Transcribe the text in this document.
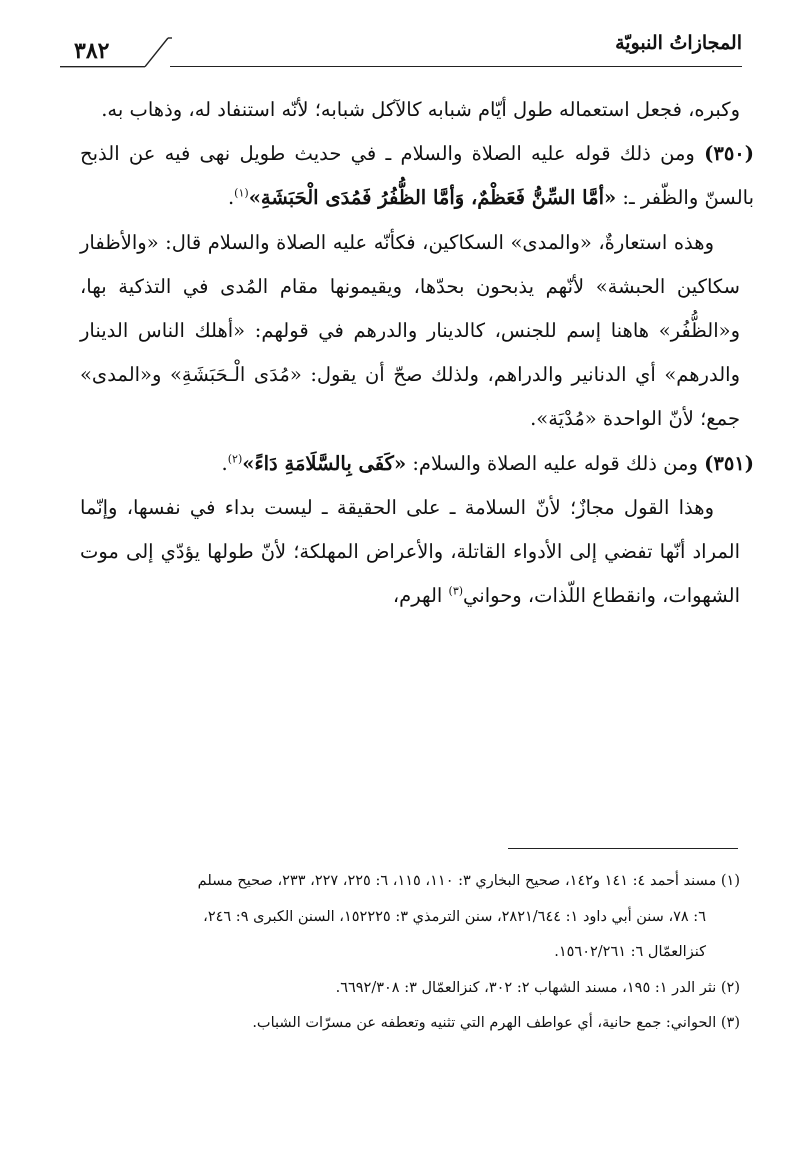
المجازاتُ النبويّة
٣٨٢

وكبره، فجعل استعماله طول أيّام شبابه كالآكل شبابه؛ لأنّه استنفاد له، وذهاب به.

(٣٥٠) ومن ذلك قوله عليه الصلاة والسلام ـ في حديث طويل نهى فيه عن الذبح بالسنّ والظّفر ـ: «أمَّا السِّنُّ فَعَظْمٌ، وَأمَّا الظُّفُرُ فَمُدَى الْحَبَشَةِ»$^{(١)}$.

وهذه استعارةٌ، «والمدى» السكاكين، فكأنّه عليه الصلاة والسلام قال: «والأظفار سكاكين الحبشة» لأنّهم يذبحون بحدّها، ويقيمونها مقام المُدى في التذكية بها، و«الظُّفُر» هاهنا إسم للجنس، كالدينار والدرهم في قولهم: «أهلك الناس الدينار والدرهم» أي الدنانير والدراهم، ولذلك صحّ أن يقول: «مُدَى الْـحَبَشَةِ» و«المدى» جمع؛ لأنّ الواحدة «مُدْيَة».

(٣٥١) ومن ذلك قوله عليه الصلاة والسلام: «كَفَى بِالسَّلَامَةِ دَاءً»$^{(٢)}$.

وهذا القول مجازٌ؛ لأنّ السلامة ـ على الحقيقة ـ ليست بداء في نفسها، وإنّما المراد أنّها تفضي إلى الأدواء القاتلة، والأعراض المهلكة؛ لأنّ طولها يؤدّي إلى موت الشهوات، وانقطاع اللّذات، وحواني$^{(٣)}$ الهرم،

(١) مسند أحمد ٤: ١٤١ و١٤٢، صحيح البخاري ٣: ١١٠، ١١٥، ٦: ٢٢٥، ٢٢٧، ٢٣٣، صحيح مسلم

٦: ٧٨، سنن أبي داود ١: ٢٨٢١/٦٤٤، سنن الترمذي ٣: ١٥٢٢٢٥، السنن الكبرى ٩: ٢٤٦،

كنزالعمّال ٦: ١٥٦٠٢/٢٦١.

(٢) نثر الدر ١: ١٩٥، مسند الشهاب ٢: ٣٠٢، كنزالعمّال ٣: ٦٦٩٢/٣٠٨.

(٣) الحواني: جمع حانية، أي عواطف الهرم التي تثنيه وتعطفه عن مسرّات الشباب.
